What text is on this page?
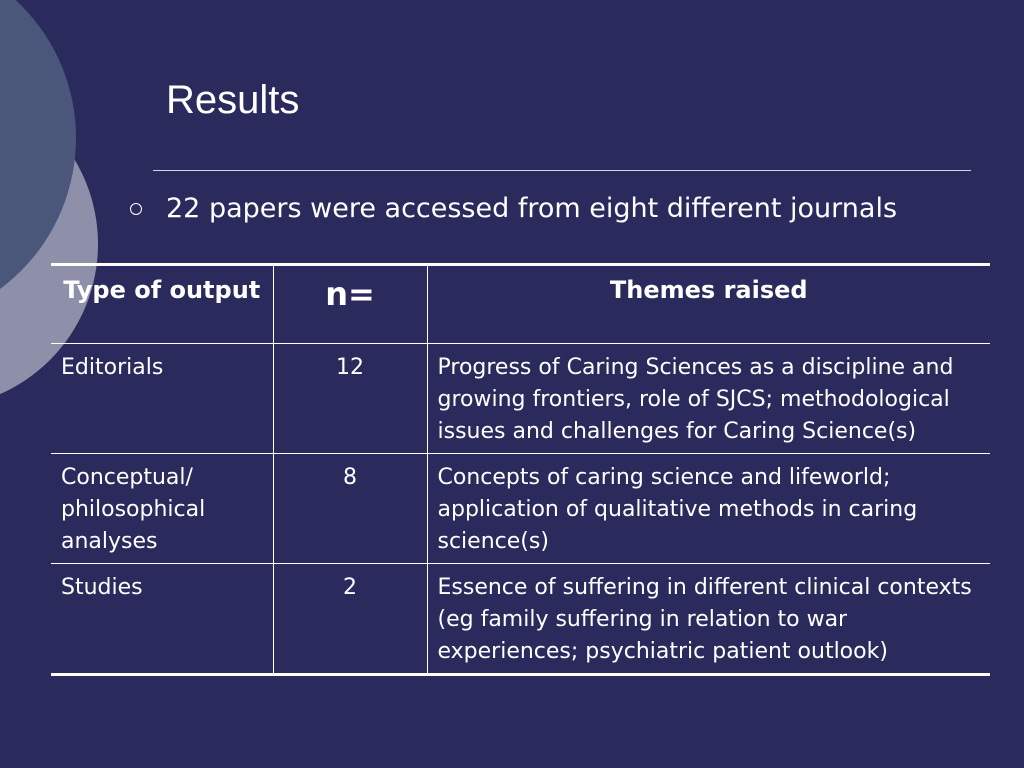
Results
22 papers were accessed from eight different journals
Type of output	n=	Themes raised
Editorials	12	Progress of Caring Sciences as a discipline and growing frontiers, role of SJCS; methodological issues and challenges for Caring Science(s)
Conceptual/ philosophical analyses	8	Concepts of caring science and lifeworld; application of qualitative methods in caring science(s)
Studies	2	Essence of suffering in different clinical contexts (eg family suffering in relation to war experiences; psychiatric patient outlook)
